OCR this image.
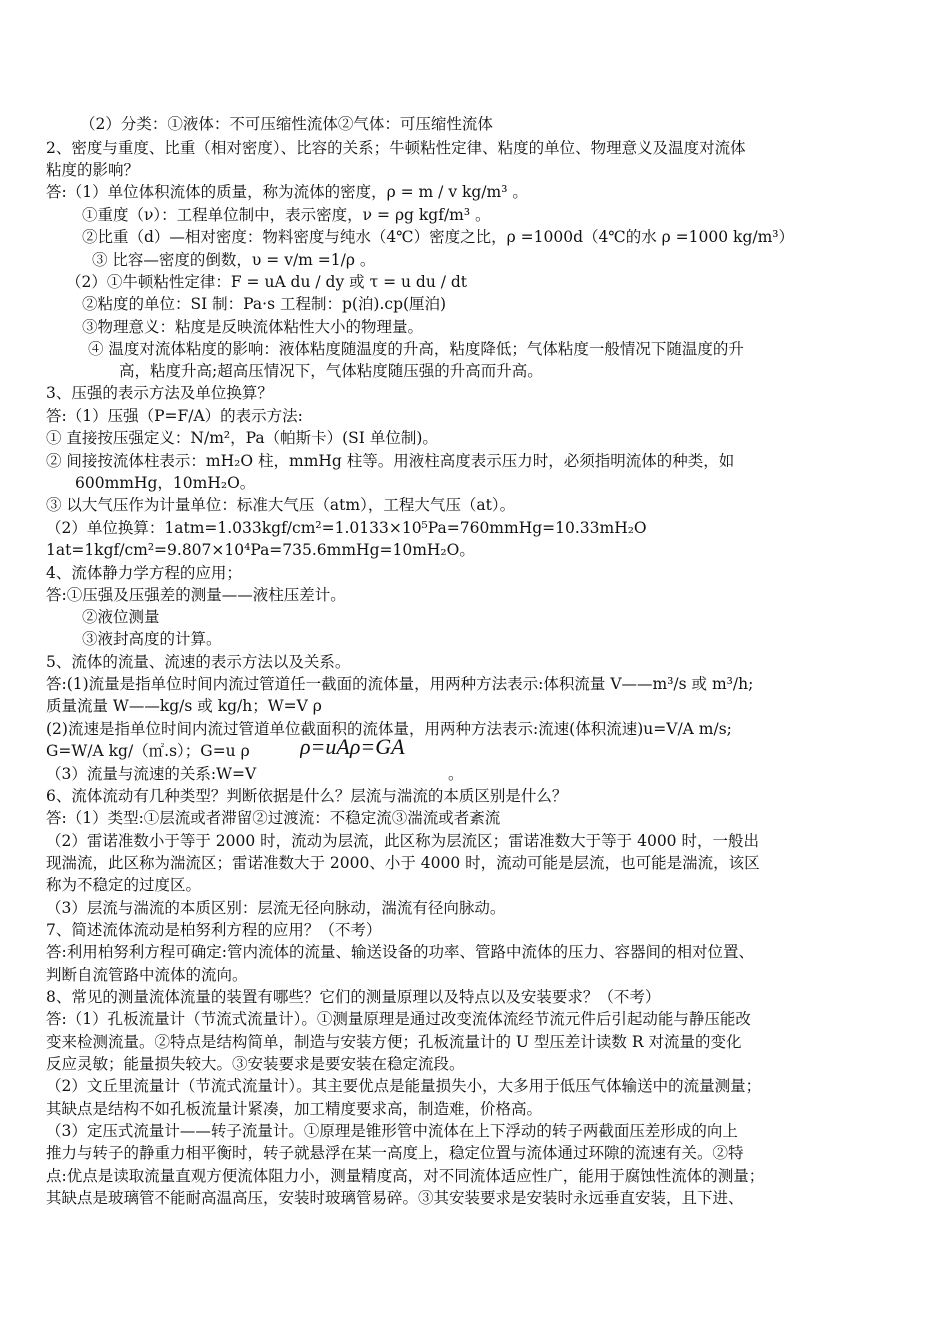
（2）分类：①液体：不可压缩性流体②气体：可压缩性流体
2、密度与重度、比重（相对密度）、比容的关系；牛顿粘性定律、粘度的单位、物理意义及温度对流体
粘度的影响？
答:（1）单位体积流体的质量，称为流体的密度，ρ = m / v kg/m³ 。
①重度（ν）：工程单位制中，表示密度，ν = ρg kgf/m³ 。
②比重（d）—相对密度：物料密度与纯水（4℃）密度之比，ρ =1000d（4℃的水 ρ =1000 kg/m³）
③ 比容—密度的倒数，υ = v/m =1/ρ 。
（2）①牛顿粘性定律：F = uA du / dy 或 τ = u du / dt
②粘度的单位：SI 制：Pa·s 工程制：p(泊).cp(厘泊)
③物理意义：粘度是反映流体粘性大小的物理量。
④ 温度对流体粘度的影响：液体粘度随温度的升高，粘度降低；气体粘度一般情况下随温度的升
高，粘度升高;超高压情况下，气体粘度随压强的升高而升高。
3、压强的表示方法及单位换算？
答:（1）压强（P=F/A）的表示方法:
① 直接按压强定义：N/m²，Pa（帕斯卡）(SI 单位制)。
② 间接按流体柱表示：mH₂O 柱，mmHg 柱等。用液柱高度表示压力时，必须指明流体的种类，如
600mmHg，10mH₂O。
③ 以大气压作为计量单位：标准大气压（atm），工程大气压（at）。
（2）单位换算：1atm=1.033kgf/cm²=1.0133×10⁵Pa=760mmHg=10.33mH₂O
1at=1kgf/cm²=9.807×10⁴Pa=735.6mmHg=10mH₂O。
4、流体静力学方程的应用；
答:①压强及压强差的测量——液柱压差计。
②液位测量
③液封高度的计算。
5、流体的流量、流速的表示方法以及关系。
答:(1)流量是指单位时间内流过管道任一截面的流体量，用两种方法表示:体积流量 V——m³/s 或 m³/h;
质量流量 W——kg/s 或 kg/h；W=V ρ
(2)流速是指单位时间内流过管道单位截面积的流体量，用两种方法表示:流速(体积流速)u=V/A m/s;
G=W/A kg/（㎡.s）；G=u ρ	ρ=uAρ=GA
（3）流量与流速的关系:W=V	。
6、流体流动有几种类型？判断依据是什么？层流与湍流的本质区别是什么？
答:（1）类型:①层流或者滞留②过渡流：不稳定流③湍流或者紊流
（2）雷诺准数小于等于 2000 时，流动为层流，此区称为层流区；雷诺准数大于等于 4000 时，一般出
现湍流，此区称为湍流区；雷诺准数大于 2000、小于 4000 时，流动可能是层流，也可能是湍流，该区
称为不稳定的过度区。
（3）层流与湍流的本质区别：层流无径向脉动，湍流有径向脉动。
7、简述流体流动是柏努利方程的应用？（不考）
答:利用柏努利方程可确定:管内流体的流量、输送设备的功率、管路中流体的压力、容器间的相对位置、
判断自流管路中流体的流向。
8、常见的测量流体流量的装置有哪些？它们的测量原理以及特点以及安装要求？（不考）
答:（1）孔板流量计（节流式流量计）。①测量原理是通过改变流体流经节流元件后引起动能与静压能改
变来检测流量。②特点是结构简单，制造与安装方便；孔板流量计的 U 型压差计读数 R 对流量的变化
反应灵敏；能量损失较大。③安装要求是要安装在稳定流段。
（2）文丘里流量计（节流式流量计）。其主要优点是能量损失小，大多用于低压气体输送中的流量测量；
其缺点是结构不如孔板流量计紧凑，加工精度要求高，制造难，价格高。
（3）定压式流量计——转子流量计。①原理是锥形管中流体在上下浮动的转子两截面压差形成的向上
推力与转子的静重力相平衡时，转子就悬浮在某一高度上，稳定位置与流体通过环隙的流速有关。②特
点:优点是读取流量直观方便流体阻力小，测量精度高，对不同流体适应性广，能用于腐蚀性流体的测量；
其缺点是玻璃管不能耐高温高压，安装时玻璃管易碎。③其安装要求是安装时永远垂直安装，且下进、
